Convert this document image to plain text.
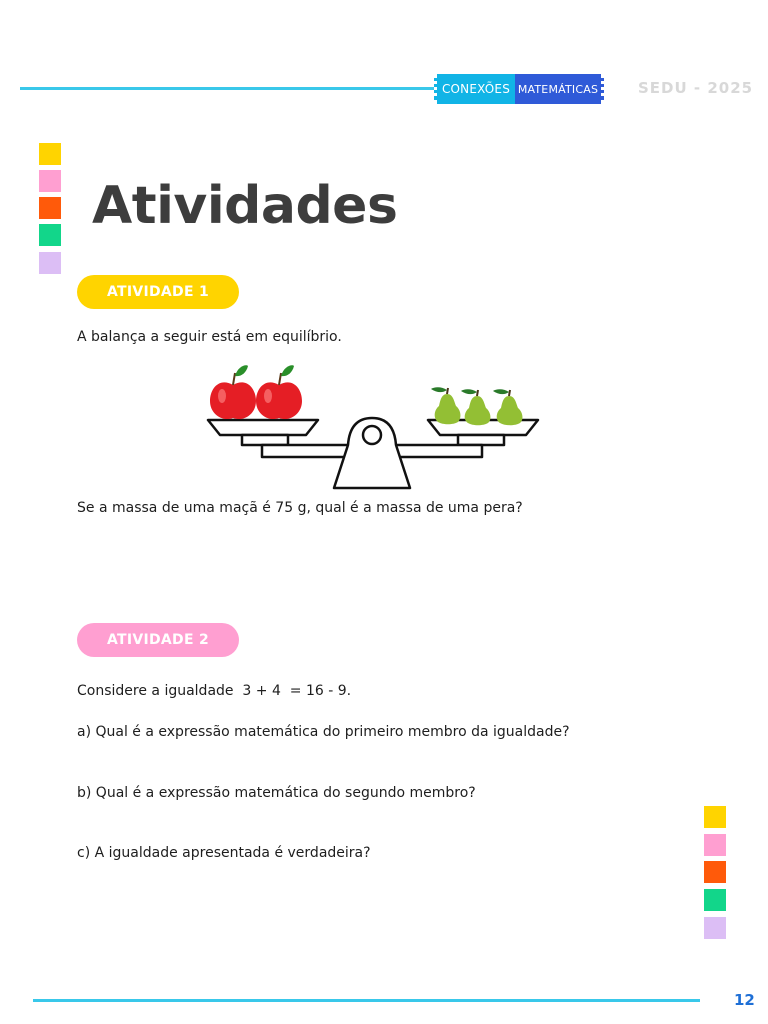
CONEXÕES MATEMÁTICAS	SEDU - 2025
Atividades
ATIVIDADE 1

A balança a seguir está em equilíbrio.

Se a massa de uma maçã é 75 g, qual é a massa de uma pera?

ATIVIDADE 2

Considere a igualdade  3 + 4  = 16 - 9.

a) Qual é a expressão matemática do primeiro membro da igualdade?

b) Qual é a expressão matemática do segundo membro?

c) A igualdade apresentada é verdadeira?

12
